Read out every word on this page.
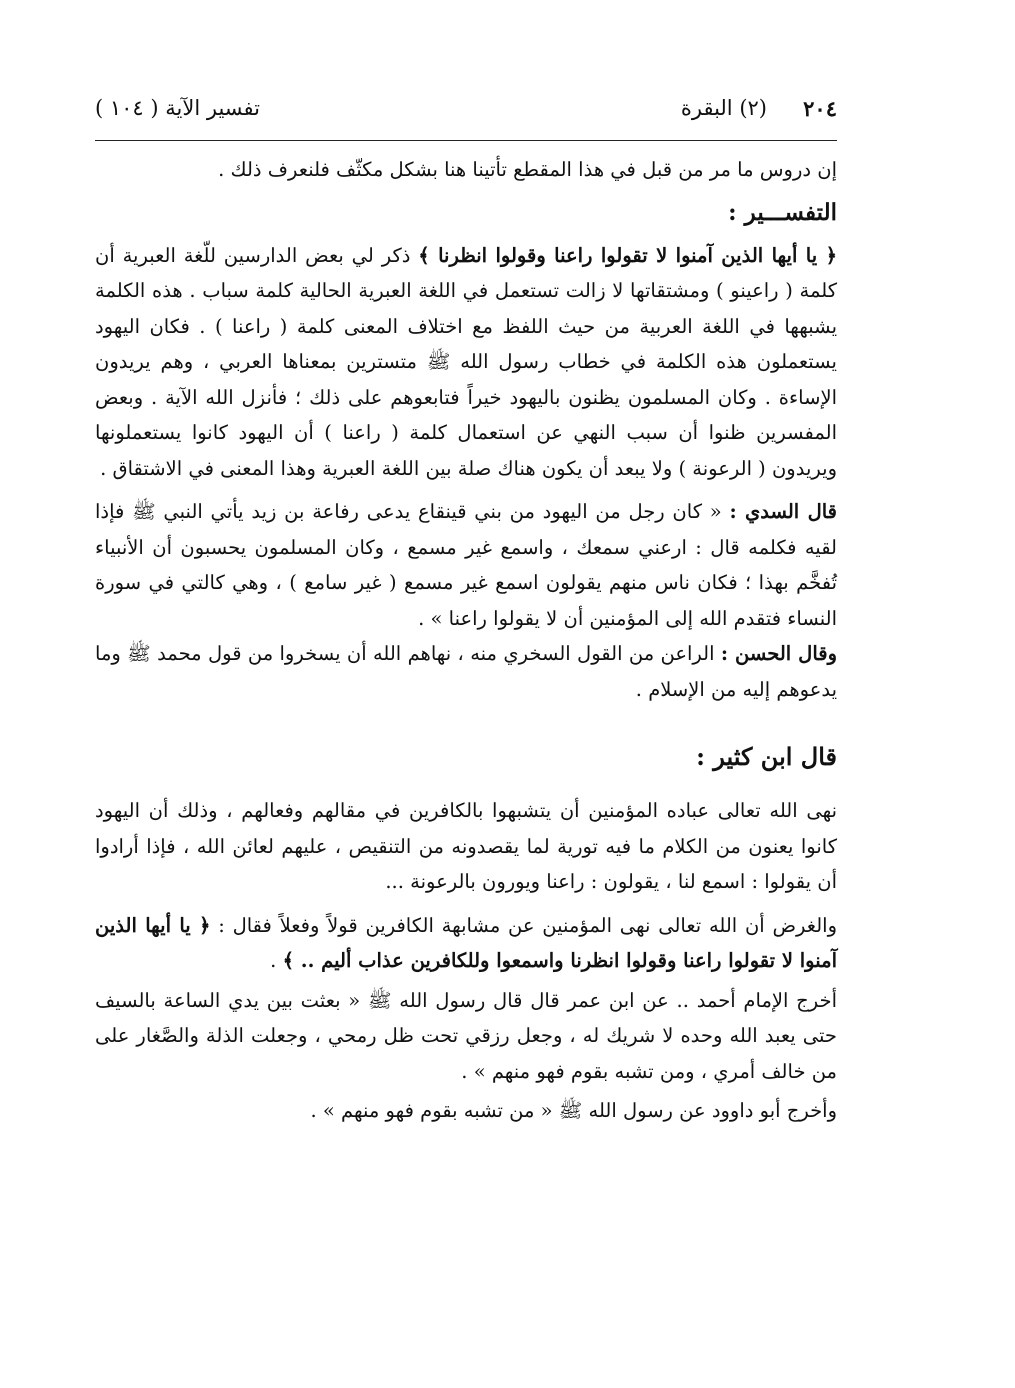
٢٠٤
(٢) البقرة
تفسير الآية ( ١٠٤ )

إن دروس ما مر من قبل في هذا المقطع تأتينا هنا بشكل مكثّف فلنعرف ذلك .

التفســـير :

﴿ يا أيها الذين آمنوا لا تقولوا راعنا وقولوا انظرنا ﴾ ذكر لي بعض الدارسين للّغة العبرية أن كلمة ( راعينو ) ومشتقاتها لا زالت تستعمل في اللغة العبرية الحالية كلمة سباب . هذه الكلمة يشبهها في اللغة العربية من حيث اللفظ مع اختلاف المعنى كلمة ( راعنا ) . فكان اليهود يستعملون هذه الكلمة في خطاب رسول الله ﷺ متسترين بمعناها العربي ، وهم يريدون الإساءة . وكان المسلمون يظنون باليهود خيراً فتابعوهم على ذلك ؛ فأنزل الله الآية . وبعض المفسرين ظنوا أن سبب النهي عن استعمال كلمة ( راعنا ) أن اليهود كانوا يستعملونها ويريدون ( الرعونة ) ولا يبعد أن يكون هناك صلة بين اللغة العبرية وهذا المعنى في الاشتقاق .

قال السدي : « كان رجل من اليهود من بني قينقاع يدعى رفاعة بن زيد يأتي النبي ﷺ فإذا لقيه فكلمه قال : ارعني سمعك ، واسمع غير مسمع ، وكان المسلمون يحسبون أن الأنبياء تُفخَّم بهذا ؛ فكان ناس منهم يقولون اسمع غير مسمع ( غير سامع ) ، وهي كالتي في سورة النساء فتقدم الله إلى المؤمنين أن لا يقولوا راعنا » .

وقال الحسن : الراعن من القول السخري منه ، نهاهم الله أن يسخروا من قول محمد ﷺ وما يدعوهم إليه من الإسلام .

قال ابن كثير :

نهى الله تعالى عباده المؤمنين أن يتشبهوا بالكافرين في مقالهم وفعالهم ، وذلك أن اليهود كانوا يعنون من الكلام ما فيه تورية لما يقصدونه من التنقيص ، عليهم لعائن الله ، فإذا أرادوا أن يقولوا : اسمع لنا ، يقولون : راعنا ويورون بالرعونة ...

والغرض أن الله تعالى نهى المؤمنين عن مشابهة الكافرين قولاً وفعلاً فقال : ﴿ يا أيها الذين آمنوا لا تقولوا راعنا وقولوا انظرنا واسمعوا وللكافرين عذاب أليم .. ﴾ .

أخرج الإمام أحمد .. عن ابن عمر قال قال رسول الله ﷺ « بعثت بين يدي الساعة بالسيف حتى يعبد الله وحده لا شريك له ، وجعل رزقي تحت ظل رمحي ، وجعلت الذلة والصَّغار على من خالف أمري ، ومن تشبه بقوم فهو منهم » .

وأخرج أبو داوود عن رسول الله ﷺ « من تشبه بقوم فهو منهم » .
